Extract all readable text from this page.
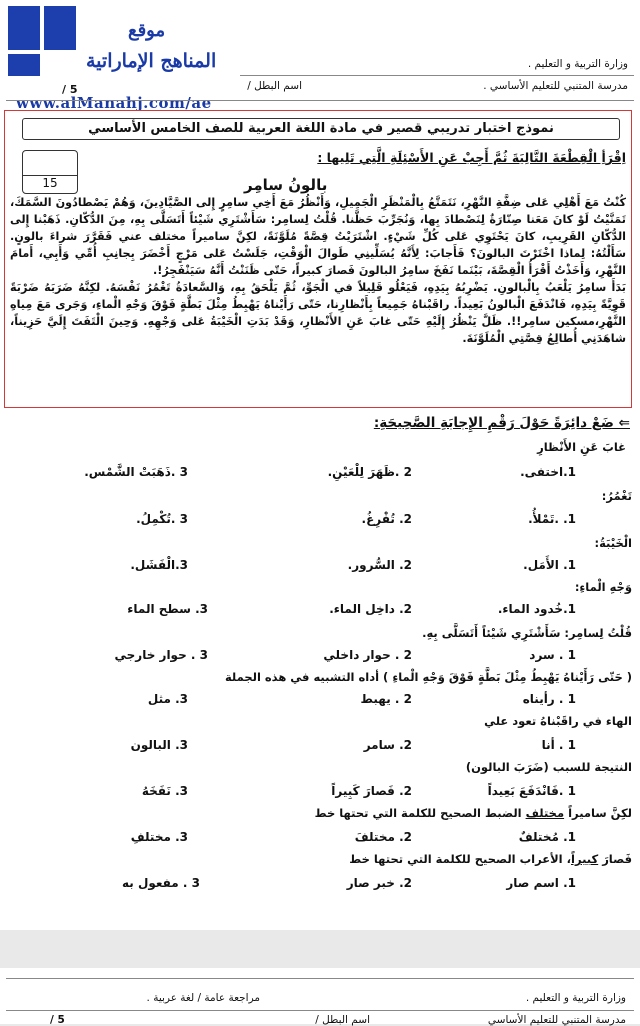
موقع
المناهج الإماراتية
www.alManahj.com/ae
وزارة التربية و التعليم .
مدرسة المتنبي للتعليم الأساسي .
اسم البطل /
/ 5
نموذج اختبار تدريبي قصير في مادة اللغة العربية للصف الخامس الأساسي
اِقْرَأِ الْقِطْعَةَ التَّالِيَةَ ثُمَّ أَجِبْ عَنِ الأَسْئِلَةِ الَّتِي تَلِيها :
15	بالونُ سامِر

كُنْتُ مَعَ أَهْلِي عَلى ضِفَّةِ النَّهْرِ، نَتَمَتَّعُ بِالْمَنْظَرِ الْجَمِيلِ، وَأَنْظُرُ مَعَ أَخِي سامِرٍ إِلى الصَّيَّادِينَ، وَهُمْ يَصْطادُونَ السَّمَكَ، تَمَنَّيْتُ لَوْ كانَ مَعَنا صِنّارَةٌ لِنَصْطادَ بِها، وَنُجَرِّبَ حَظَّنا. قُلْتُ لِسامِر: سَأَشْتَرِي شَيْئاً أَتَسَلَّى بِهِ، مِنَ الدُّكّانِ. ذَهَبْنا إِلى الدُّكّانِ القَرِيبِ، كانَ يَحْتَوِي عَلى كُلِّ شَيْءٍ. اشْتَرَيْتُ قِصَّةً مُلَوَّنَةً، لكِنَّ ساميراً مختلف عني فَقَرَّرَ شراءَ بالونٍ. سَأَلْتُهُ: لِماذا اخْتَرْتَ البالونَ؟ فَأَجابَ: لِأَنَّهُ يُسَلِّينِي طَوالَ الْوَقْتِ، جَلَسْتُ عَلى مَرْجٍ أَخْضَرَ بِجانِبِ أُمِّي وَأَبِي، أَمامَ النَّهْرِ، وَأَخَذْتُ أَقْرَأُ الْقِصَّةَ، بَيْنَما نَفَخَ سامِرُ البالونَ فَصارَ كبيراً، حَتّى ظَنَنْتُ أَنَّهُ سَيَنْفَجِرُ!.

بَدَأَ سامِرُ يَلْعَبُ بِالْبالونِ. يَضْرِبُهُ بِيَدِهِ، فَيَعْلُو قَلِيلاً في الْجَوِّ، ثُمَّ يَلْحَقُ بِهِ، وَالسَّعادَةُ تَغْمُرُ نَفْسَهُ. لكِنَّهُ ضَرَبَهُ ضَرْبَةً قَوِيَّةً بِيَدِهِ، فَانْدَفَعَ الْبالونُ بَعِيداً. راقَبْناهُ جَمِيعاً بِأَنْظارِنا، حَتّى رَأَيْناهُ يَهْبِطُ مِثْلَ بَطَّةٍ فَوْقَ وَجْهِ الْماءِ، وَجَرى مَعَ مِياهِ النَّهْرِ،مسكين سامِر!!. ظَلَّ يَنْظُرُ إِلَيْهِ حَتّى غابَ عَنِ الأَنْظارِ، وَقَدْ بَدَتِ الْخَيْبَةُ عَلى وَجْهِهِ. وَحِينَ الْتَفَتَ إِلَيَّ حَزِيناً، شاهَدَنِي أُطالِعُ قِصَّتِي الْمُلَوَّنَةَ.

⇐ ضَعْ دائِرَةً حَوْلَ رَقْمِ الإِجابَةِ الصَّحِيحَةِ:
غابَ عَنِ الأَنْظارِ
1.اختفى.
2 .ظَهَرَ لِلْعَيْنِ.
3 .ذَهَبَتْ الشَّمْس.
تَغْمُرُ:
1. .تَمْلأُ.
2. تُفْرِغُ.
3 .تُكْمِلُ.
الْخَيْبَةُ:
1. الأَمَل.
2. السُّرور.
3.الْفَشَل.
وَجْهِ الْماءِ:
1.خُدود الماء.
2. داخِل الماء.
3. سطح الماء
قُلْتُ لِسامِر: سَأَشْتَرِي شَيْئاً أَتَسَلَّى بِهِ.
1 . سرد
2 . حوار داخلي
3 . حوار خارجي
( حَتّى رَأَيْناهُ يَهْبِطُ مِثْلَ بَطَّةٍ فَوْقَ وَجْهِ الْماءِ ) أداه التشبيه في هذه الجملة
1 . رأيناه
2 . يهبط
3. مثل
الهاء في راقَبْناهُ تعود علي
1 . أنا
2. سامر
3. البالون
النتيجة للسبب (ضَرَبَ البالون)
1 .فَانْدَفَعَ بَعِيداً
2. فَصارَ كَبِيراً
3. نَفَخَهُ
لكِنَّ ساميراً مختلف الضبط الصحيح للكلمة التي تحتها خط
1. مُختلفٌ
2. مختلفَ
3. مختلفِ
فَصارَ كبيراً، الأعراب الصحيح للكلمة التي تحتها خط
1. اسم صار
2. خبر صار
3 . مفعول به
وزارة التربية و التعليم .
مراجعة عامة / لغة عربية .
مدرسة المتنبي للتعليم الأساسي
اسم البطل /
/ 5
